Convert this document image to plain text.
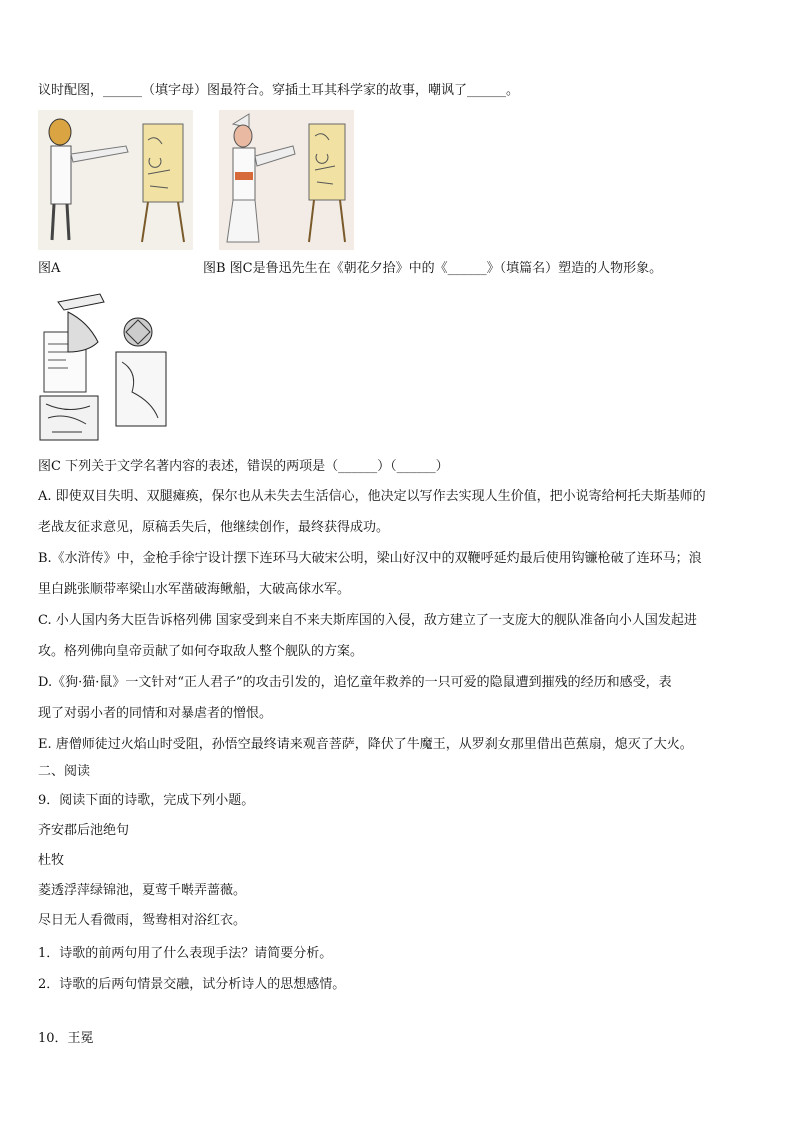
议时配图，______（填字母）图最符合。穿插土耳其科学家的故事，嘲讽了______。
图A	图B 图C是鲁迅先生在《朝花夕拾》中的《______》（填篇名）塑造的人物形象。
图C 下列关于文学名著内容的表述，错误的两项是（______）（______）
A. 即使双目失明、双腿瘫痪，保尔也从未失去生活信心，他决定以写作去实现人生价值，把小说寄给柯托夫斯基师的
老战友征求意见，原稿丢失后，他继续创作，最终获得成功。
B.《水浒传》中，金枪手徐宁设计摆下连环马大破宋公明，梁山好汉中的双鞭呼延灼最后使用钩镰枪破了连环马；浪
里白跳张顺带率梁山水军凿破海鳅船，大破高俅水军。
C. 小人国内务大臣告诉格列佛 国家受到来自不来夫斯库国的入侵，敌方建立了一支庞大的舰队准备向小人国发起进
攻。格列佛向皇帝贡献了如何夺取敌人整个舰队的方案。
D.《狗·猫·鼠》一文针对“正人君子”的攻击引发的，追忆童年救养的一只可爱的隐鼠遭到摧残的经历和感受，表
现了对弱小者的同情和对暴虐者的憎恨。
E. 唐僧师徒过火焰山时受阻，孙悟空最终请来观音菩萨，降伏了牛魔王，从罗刹女那里借出芭蕉扇，熄灭了大火。
二、阅读
9．阅读下面的诗歌，完成下列小题。
齐安郡后池绝句
杜牧
菱透浮萍绿锦池，夏莺千啭弄蔷薇。
尽日无人看微雨，鸳鸯相对浴红衣。
1．诗歌的前两句用了什么表现手法？请简要分析。
2．诗歌的后两句情景交融，试分析诗人的思想感情。
10．王冕
